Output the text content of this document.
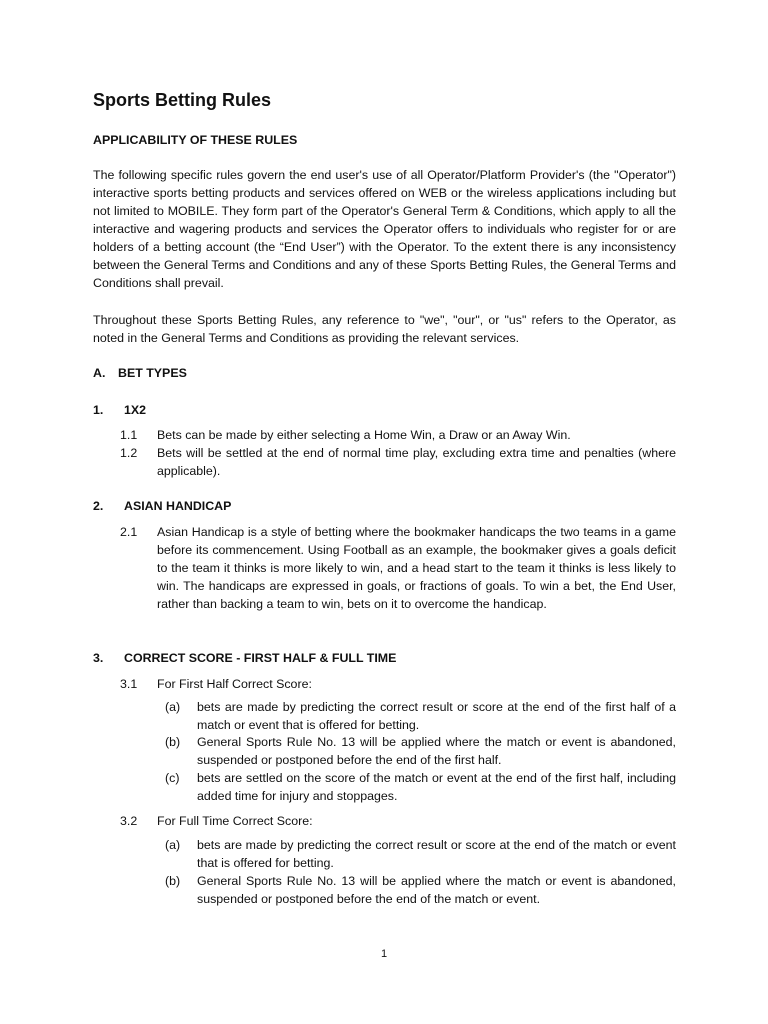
Sports Betting Rules
APPLICABILITY OF THESE RULES
The following specific rules govern the end user's use of all Operator/Platform Provider's (the "Operator") interactive sports betting products and services offered on WEB or the wireless applications including but not limited to MOBILE. They form part of the Operator's General Term & Conditions, which apply to all the interactive and wagering products and services the Operator offers to individuals who register for or are holders of a betting account (the “End User”) with the Operator. To the extent there is any inconsistency between the General Terms and Conditions and any of these Sports Betting Rules, the General Terms and Conditions shall prevail.
Throughout these Sports Betting Rules, any reference to "we", "our", or "us" refers to the Operator, as noted in the General Terms and Conditions as providing the relevant services.
A. BET TYPES
1. 1X2
1.1 Bets can be made by either selecting a Home Win, a Draw or an Away Win.
1.2 Bets will be settled at the end of normal time play, excluding extra time and penalties (where applicable).
2. ASIAN HANDICAP
2.1 Asian Handicap is a style of betting where the bookmaker handicaps the two teams in a game before its commencement. Using Football as an example, the bookmaker gives a goals deficit to the team it thinks is more likely to win, and a head start to the team it thinks is less likely to win. The handicaps are expressed in goals, or fractions of goals. To win a bet, the End User, rather than backing a team to win, bets on it to overcome the handicap.
3. CORRECT SCORE - FIRST HALF & FULL TIME
3.1 For First Half Correct Score:
(a) bets are made by predicting the correct result or score at the end of the first half of a match or event that is offered for betting.
(b) General Sports Rule No. 13 will be applied where the match or event is abandoned, suspended or postponed before the end of the first half.
(c) bets are settled on the score of the match or event at the end of the first half, including added time for injury and stoppages.
3.2 For Full Time Correct Score:
(a) bets are made by predicting the correct result or score at the end of the match or event that is offered for betting.
(b) General Sports Rule No. 13 will be applied where the match or event is abandoned, suspended or postponed before the end of the match or event.
1
